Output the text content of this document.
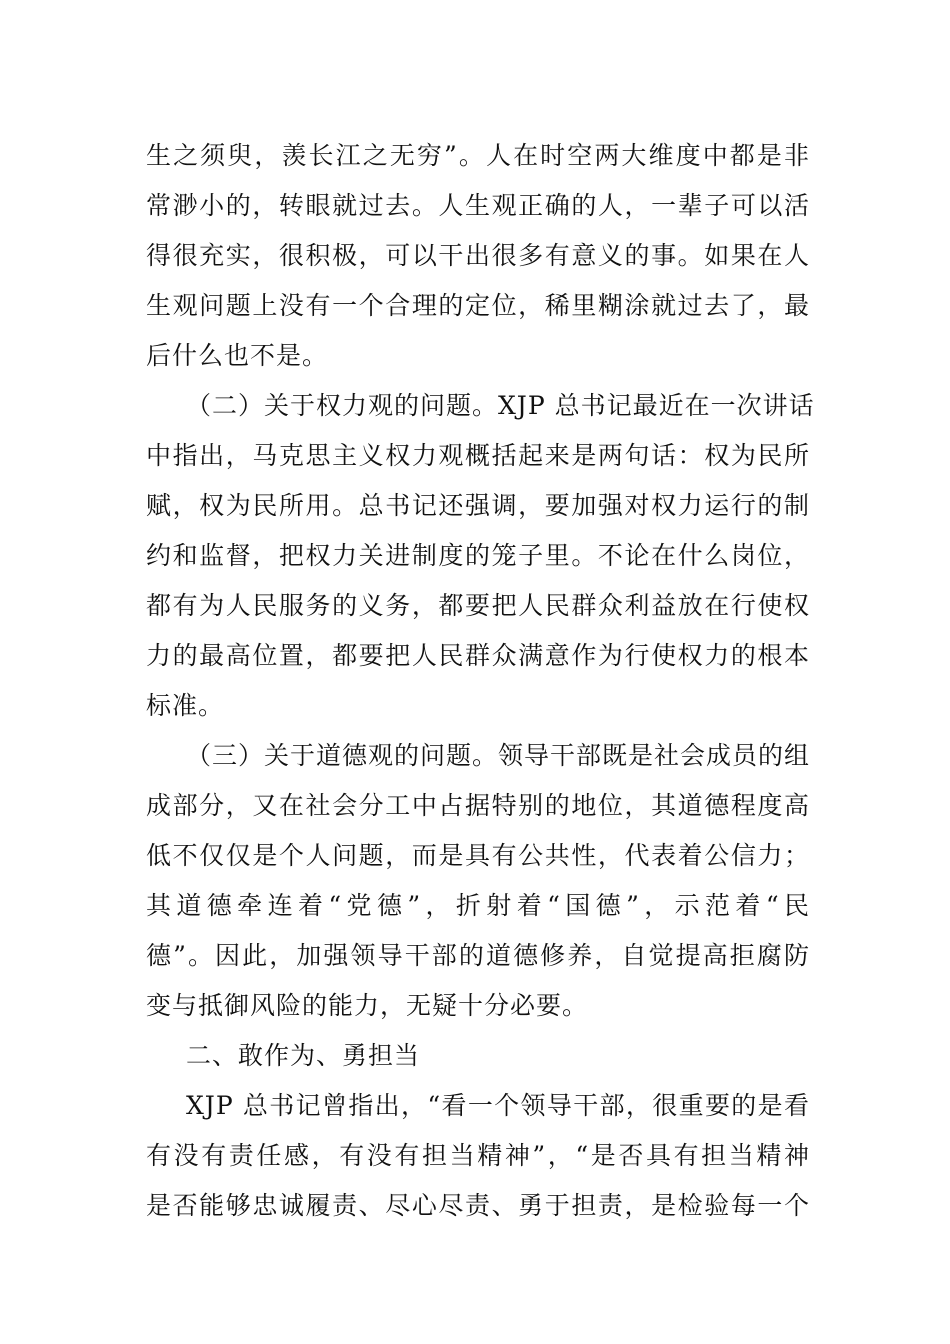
生之须臾，羡长江之无穷”。人在时空两大维度中都是非
常渺小的，转眼就过去。人生观正确的人，一辈子可以活
得很充实，很积极，可以干出很多有意义的事。如果在人
生观问题上没有一个合理的定位，稀里糊涂就过去了，最
后什么也不是。
（二）关于权力观的问题。XJP 总书记最近在一次讲话
中指出，马克思主义权力观概括起来是两句话：权为民所
赋，权为民所用。总书记还强调，要加强对权力运行的制
约和监督，把权力关进制度的笼子里。不论在什么岗位，
都有为人民服务的义务，都要把人民群众利益放在行使权
力的最高位置，都要把人民群众满意作为行使权力的根本
标准。
（三）关于道德观的问题。领导干部既是社会成员的组
成部分，又在社会分工中占据特别的地位，其道德程度高
低不仅仅是个人问题，而是具有公共性，代表着公信力；
其道德牵连着“党德”，折射着“国德”，示范着“民
德”。因此，加强领导干部的道德修养，自觉提高拒腐防
变与抵御风险的能力，无疑十分必要。
二、敢作为、勇担当
XJP 总书记曾指出，“看一个领导干部，很重要的是看
有没有责任感，有没有担当精神”，“是否具有担当精神
是否能够忠诚履责、尽心尽责、勇于担责，是检验每一个
